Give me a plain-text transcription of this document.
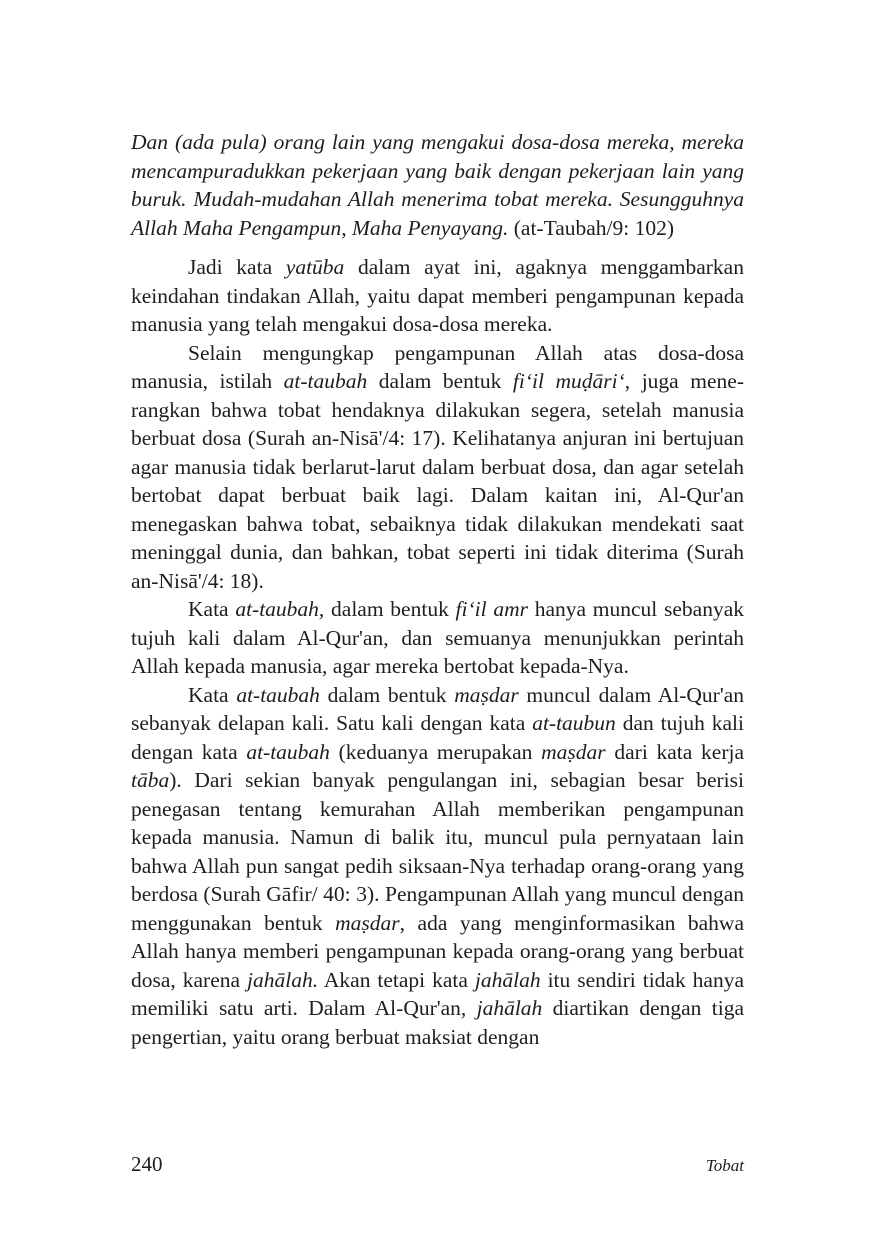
Dan (ada pula) orang lain yang mengakui dosa-dosa mereka, mereka mencampuradukkan pekerjaan yang baik dengan pekerjaan lain yang buruk. Mudah-mudahan Allah menerima tobat mereka. Sesungguhnya Allah Maha Pengampun, Maha Penyayang. (at-Taubah/9: 102)

Jadi kata yatūba dalam ayat ini, agaknya menggambarkan keindahan tindakan Allah, yaitu dapat memberi pengampunan kepada manusia yang telah mengakui dosa-dosa mereka.

Selain mengungkap pengampunan Allah atas dosa-dosa manusia, istilah at-taubah dalam bentuk fi‘il muḍāri‘, juga menerangkan bahwa tobat hendaknya dilakukan segera, setelah manusia berbuat dosa (Surah an-Nisā'/4: 17). Kelihatanya anjuran ini bertujuan agar manusia tidak berlarut-larut dalam berbuat dosa, dan agar setelah bertobat dapat berbuat baik lagi. Dalam kaitan ini, Al-Qur'an menegaskan bahwa tobat, sebaiknya tidak dilakukan mendekati saat meninggal dunia, dan bahkan, tobat seperti ini tidak diterima (Surah an-Nisā'/4: 18).

Kata at-taubah, dalam bentuk fi‘il amr hanya muncul sebanyak tujuh kali dalam Al-Qur'an, dan semuanya menunjukkan perintah Allah kepada manusia, agar mereka bertobat kepada-Nya.

Kata at-taubah dalam bentuk maṣdar muncul dalam Al-Qur'an sebanyak delapan kali. Satu kali dengan kata at-taubun dan tujuh kali dengan kata at-taubah (keduanya merupakan maṣdar dari kata kerja tāba). Dari sekian banyak pengulangan ini, sebagian besar berisi penegasan tentang kemurahan Allah memberikan pengampunan kepada manusia. Namun di balik itu, muncul pula pernyataan lain bahwa Allah pun sangat pedih siksaan-Nya terhadap orang-orang yang berdosa (Surah Gāfir/ 40: 3). Pengampunan Allah yang muncul dengan menggunakan bentuk maṣdar, ada yang menginformasikan bahwa Allah hanya memberi pengampunan kepada orang-orang yang berbuat dosa, karena jahālah. Akan tetapi kata jahālah itu sendiri tidak hanya memiliki satu arti. Dalam Al-Qur'an, jahālah diartikan dengan tiga pengertian, yaitu orang berbuat maksiat dengan

240	Tobat
